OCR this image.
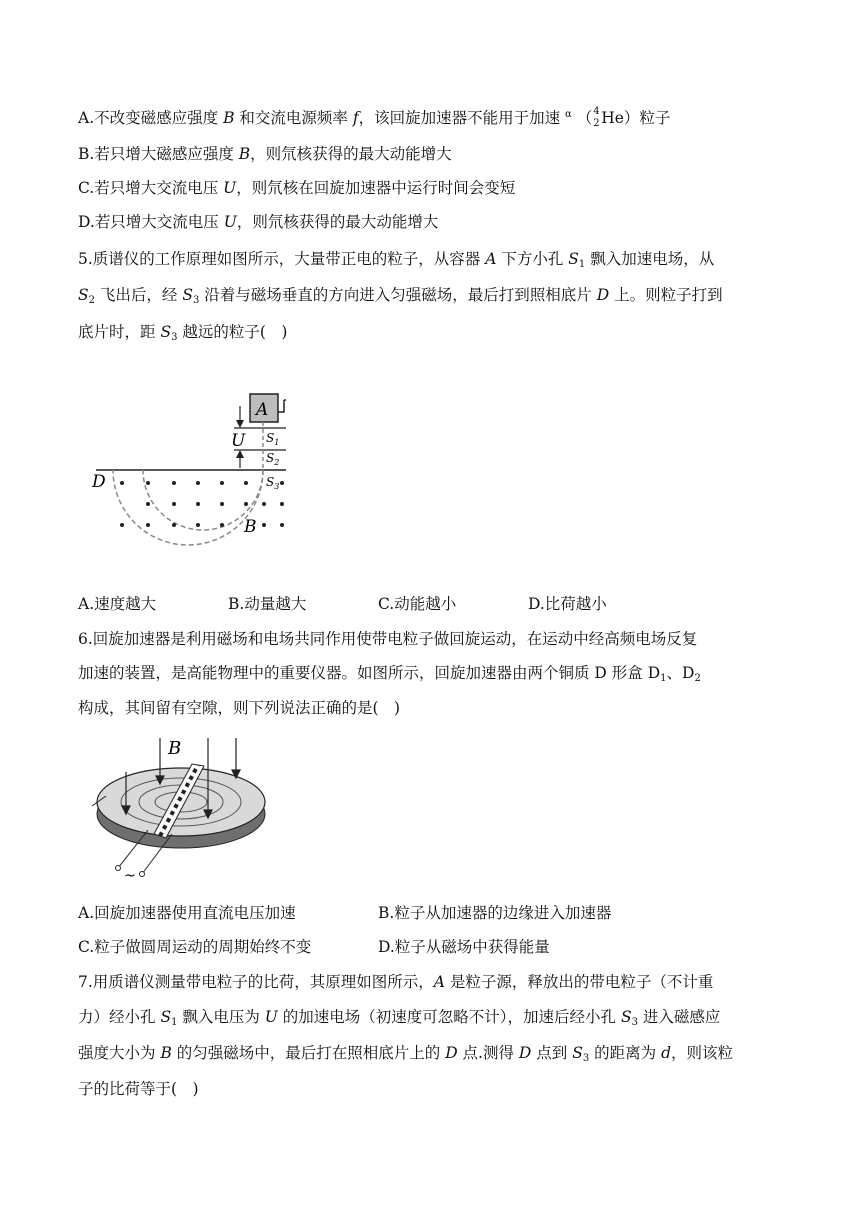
A.不改变磁感应强度 B 和交流电源频率 f，该回旋加速器不能用于加速 $^\alpha$ （ 4
2 He）粒子
B.若只增大磁感应强度 B，则氘核获得的最大动能增大
C.若只增大交流电压 U，则氘核在回旋加速器中运行时间会变短
D.若只增大交流电压 U，则氘核获得的最大动能增大
5.质谱仪的工作原理如图所示，大量带正电的粒子，从容器 A 下方小孔 $S_1$ 飘入加速电场，从
$S_2$ 飞出后，经 $S_3$ 沿着与磁场垂直的方向进入匀强磁场，最后打到照相底片 D 上。则粒子打到
底片时，距 $S_3$ 越远的粒子(　)
A
U $S_1$
$S_2$
$S_3$
D
B
A.速度越大	B.动量越大	C.动能越小	D.比荷越小
6.回旋加速器是利用磁场和电场共同作用使带电粒子做回旋运动，在运动中经高频电场反复
加速的装置，是高能物理中的重要仪器。如图所示，回旋加速器由两个铜质 D 形盒 $D_1$、$D_2$
构成，其间留有空隙，则下列说法正确的是(　)
B
~
A.回旋加速器使用直流电压加速	B.粒子从加速器的边缘进入加速器
C.粒子做圆周运动的周期始终不变	D.粒子从磁场中获得能量
7.用质谱仪测量带电粒子的比荷，其原理如图所示，A 是粒子源，释放出的带电粒子（不计重
力）经小孔 $S_1$ 飘入电压为 U 的加速电场（初速度可忽略不计），加速后经小孔 $S_3$ 进入磁感应
强度大小为 B 的匀强磁场中，最后打在照相底片上的 D 点.测得 D 点到 $S_3$ 的距离为 d，则该粒
子的比荷等于(　)
